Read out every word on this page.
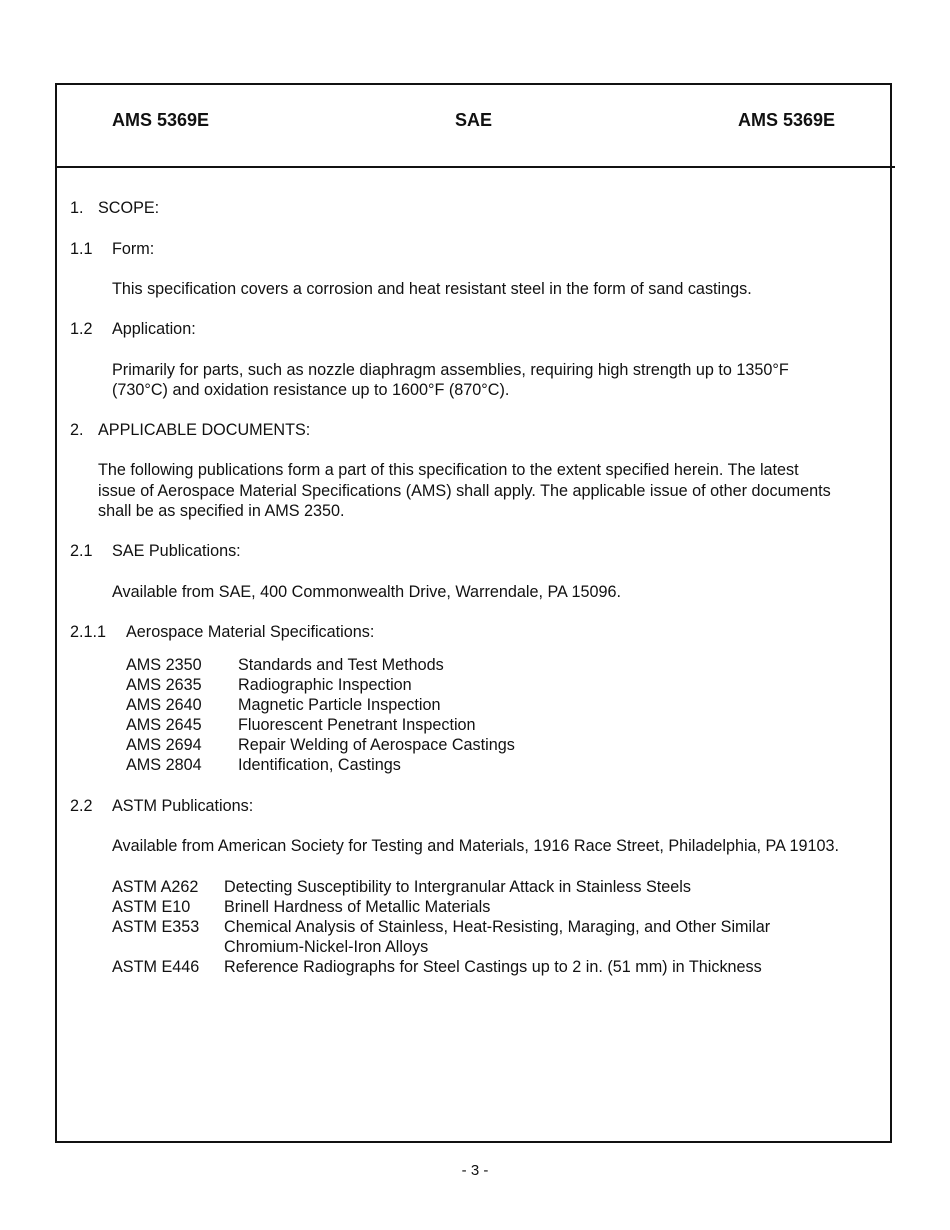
AMS 5369E	SAE	AMS 5369E
1. SCOPE:
1.1 Form:
This specification covers a corrosion and heat resistant steel in the form of sand castings.
1.2 Application:
Primarily for parts, such as nozzle diaphragm assemblies, requiring high strength up to 1350°F
(730°C) and oxidation resistance up to 1600°F (870°C).
2. APPLICABLE DOCUMENTS:
The following publications form a part of this specification to the extent specified herein. The latest
issue of Aerospace Material Specifications (AMS) shall apply. The applicable issue of other documents
shall be as specified in AMS 2350.
2.1 SAE Publications:
Available from SAE, 400 Commonwealth Drive, Warrendale, PA 15096.
2.1.1 Aerospace Material Specifications:
AMS 2350 Standards and Test Methods
AMS 2635 Radiographic Inspection
AMS 2640 Magnetic Particle Inspection
AMS 2645 Fluorescent Penetrant Inspection
AMS 2694 Repair Welding of Aerospace Castings
AMS 2804 Identification, Castings
2.2 ASTM Publications:
Available from American Society for Testing and Materials, 1916 Race Street, Philadelphia, PA 19103.
ASTM A262 Detecting Susceptibility to Intergranular Attack in Stainless Steels
ASTM E10 Brinell Hardness of Metallic Materials
ASTM E353 Chemical Analysis of Stainless, Heat-Resisting, Maraging, and Other Similar
Chromium-Nickel-Iron Alloys
ASTM E446 Reference Radiographs for Steel Castings up to 2 in. (51 mm) in Thickness
- 3 -
